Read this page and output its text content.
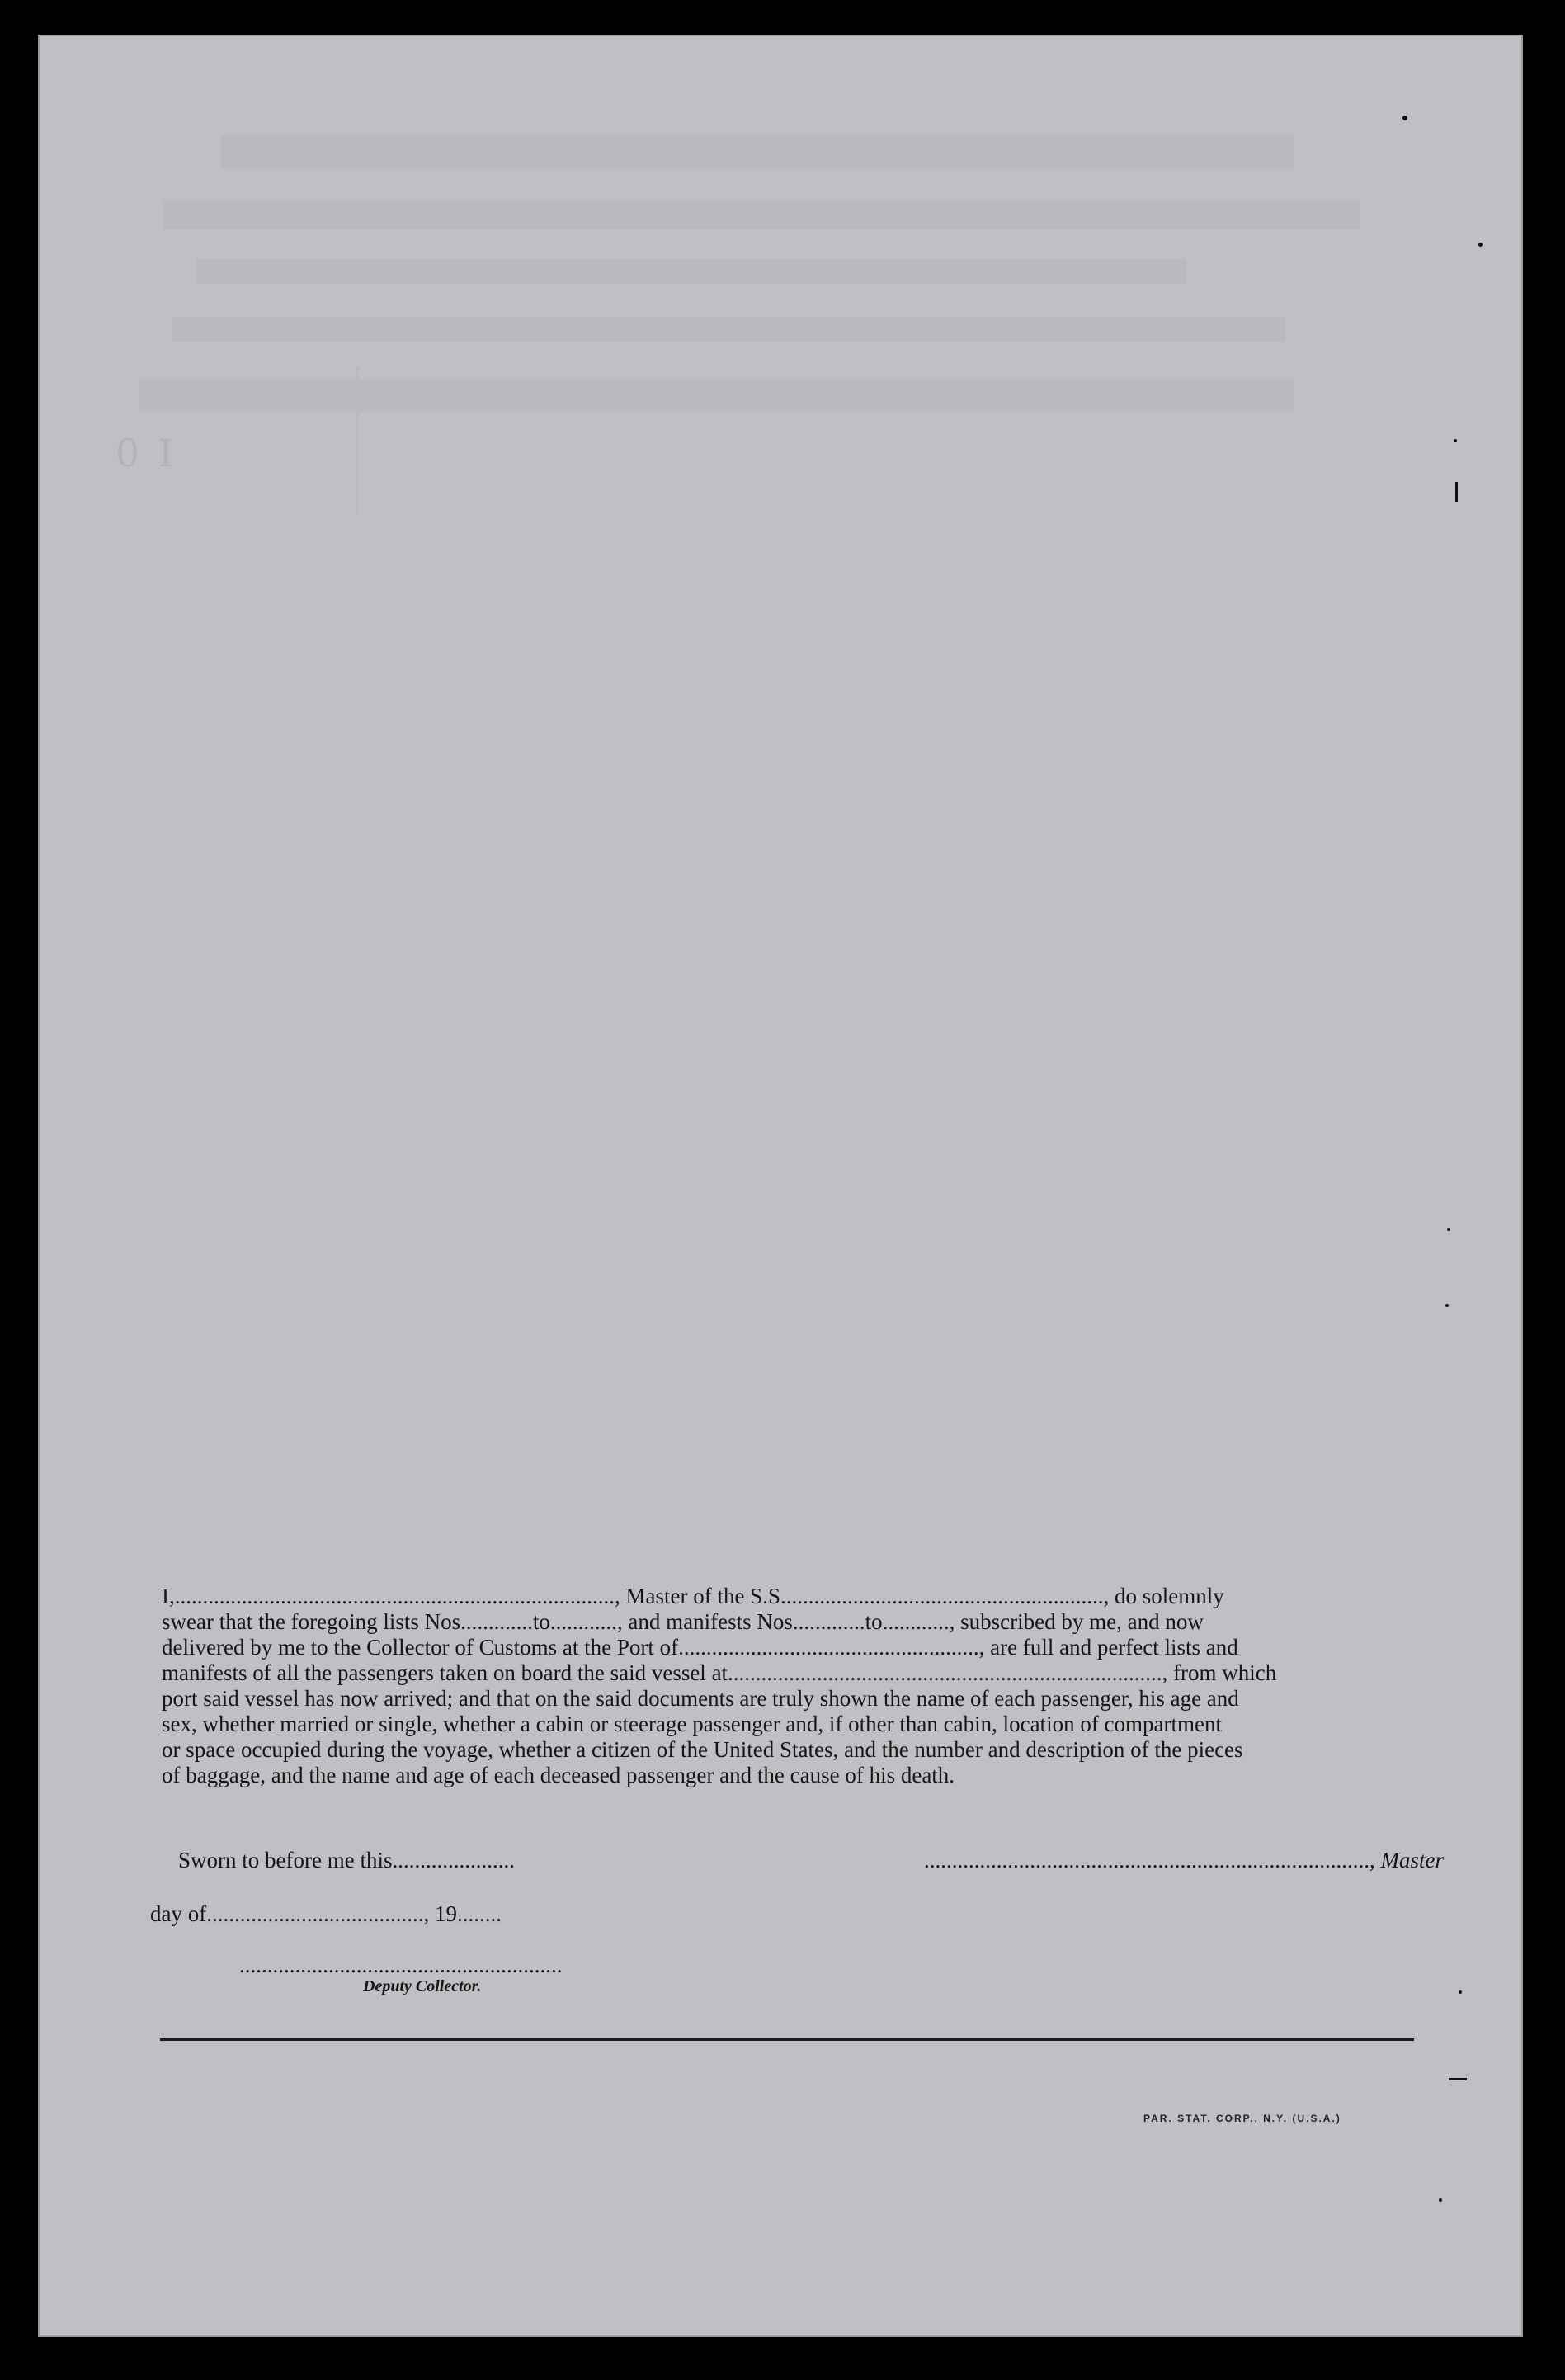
0 I
I,..............................................................................., Master of the S.S.........................................................., do solemnly
swear that the foregoing lists Nos.............to............, and manifests Nos.............to............, subscribed by me, and now
delivered by me to the Collector of Customs at the Port of......................................................, are full and perfect lists and
manifests of all the passengers taken on board the said vessel at.............................................................................., from which
port said vessel has now arrived; and that on the said documents are truly shown the name of each passenger, his age and
sex, whether married or single, whether a cabin or steerage passenger and, if other than cabin, location of compartment
or space occupied during the voyage, whether a citizen of the United States, and the number and description of the pieces
of baggage, and the name and age of each deceased passenger and the cause of his death.
Sworn to before me this......................	................................................................................, Master
day of......................................., 19........
..........................................................
Deputy Collector.
PAR. STAT. CORP., N.Y. (U.S.A.)
